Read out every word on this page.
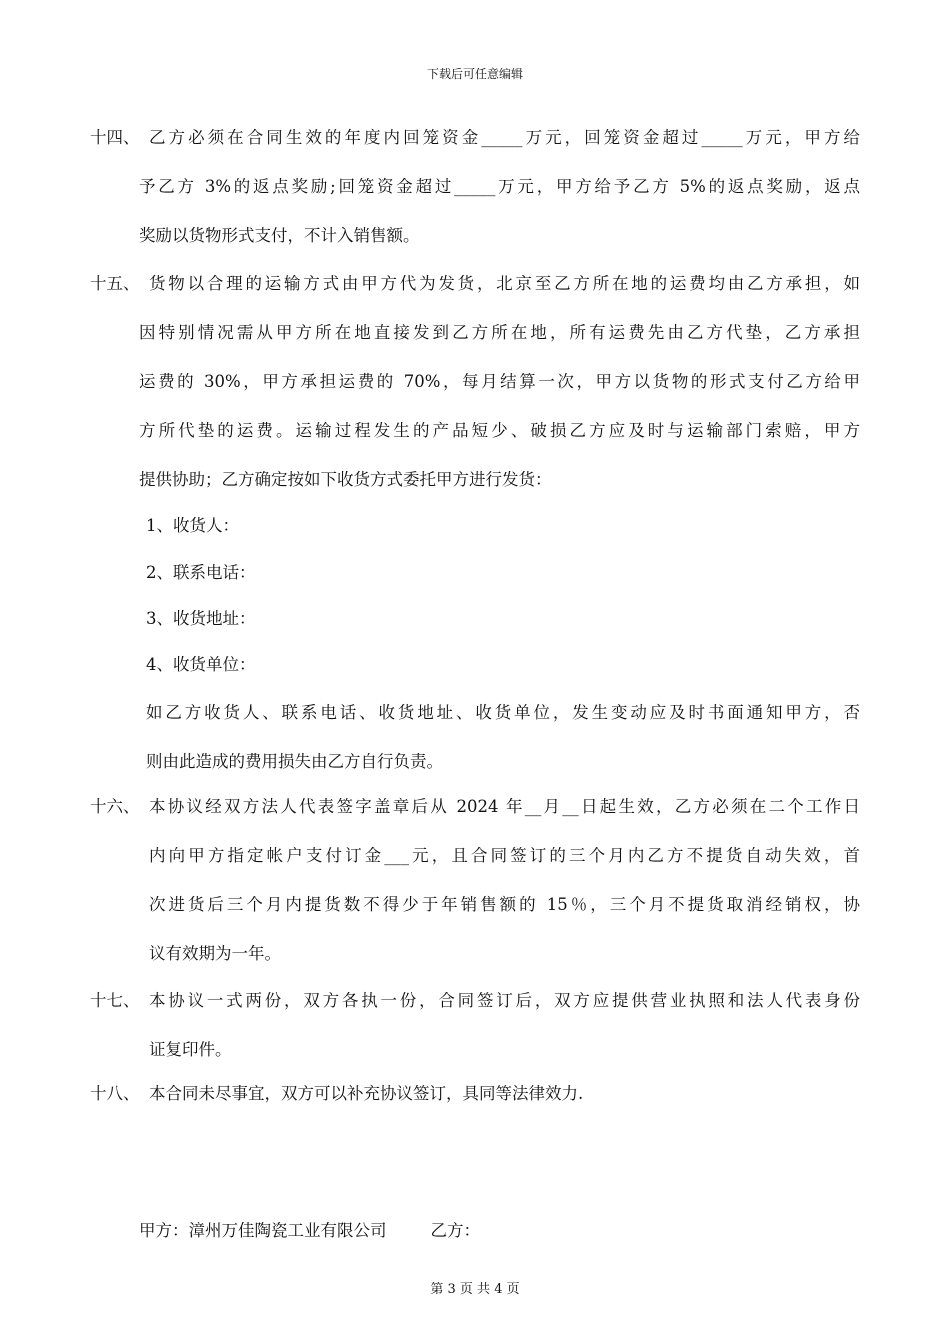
下载后可任意编辑
十四、 乙方必须在合同生效的年度内回笼资金_____万元，回笼资金超过_____万元，甲方给
予乙方 3%的返点奖励;回笼资金超过_____万元，甲方给予乙方 5%的返点奖励，返点
奖励以货物形式支付，不计入销售额。
十五、 货物以合理的运输方式由甲方代为发货，北京至乙方所在地的运费均由乙方承担，如
因特别情况需从甲方所在地直接发到乙方所在地，所有运费先由乙方代垫，乙方承担
运费的 30%，甲方承担运费的 70%，每月结算一次，甲方以货物的形式支付乙方给甲
方所代垫的运费。运输过程发生的产品短少、破损乙方应及时与运输部门索赔，甲方
提供协助；乙方确定按如下收货方式委托甲方进行发货：
1、收货人：
2、联系电话：
3、收货地址：
4、收货单位：
如乙方收货人、联系电话、收货地址、收货单位，发生变动应及时书面通知甲方，否
则由此造成的费用损失由乙方自行负责。
十六、 本协议经双方法人代表签字盖章后从 2024 年__月__日起生效，乙方必须在二个工作日
内向甲方指定帐户支付订金___元，且合同签订的三个月内乙方不提货自动失效，首
次进货后三个月内提货数不得少于年销售额的 15％，三个月不提货取消经销权，协
议有效期为一年。
十七、 本协议一式两份，双方各执一份，合同签订后，双方应提供营业执照和法人代表身份
证复印件。
十八、 本合同未尽事宜，双方可以补充协议签订，具同等法律效力.
甲方：漳州万佳陶瓷工业有限公司	乙方：
第 3 页 共 4 页
